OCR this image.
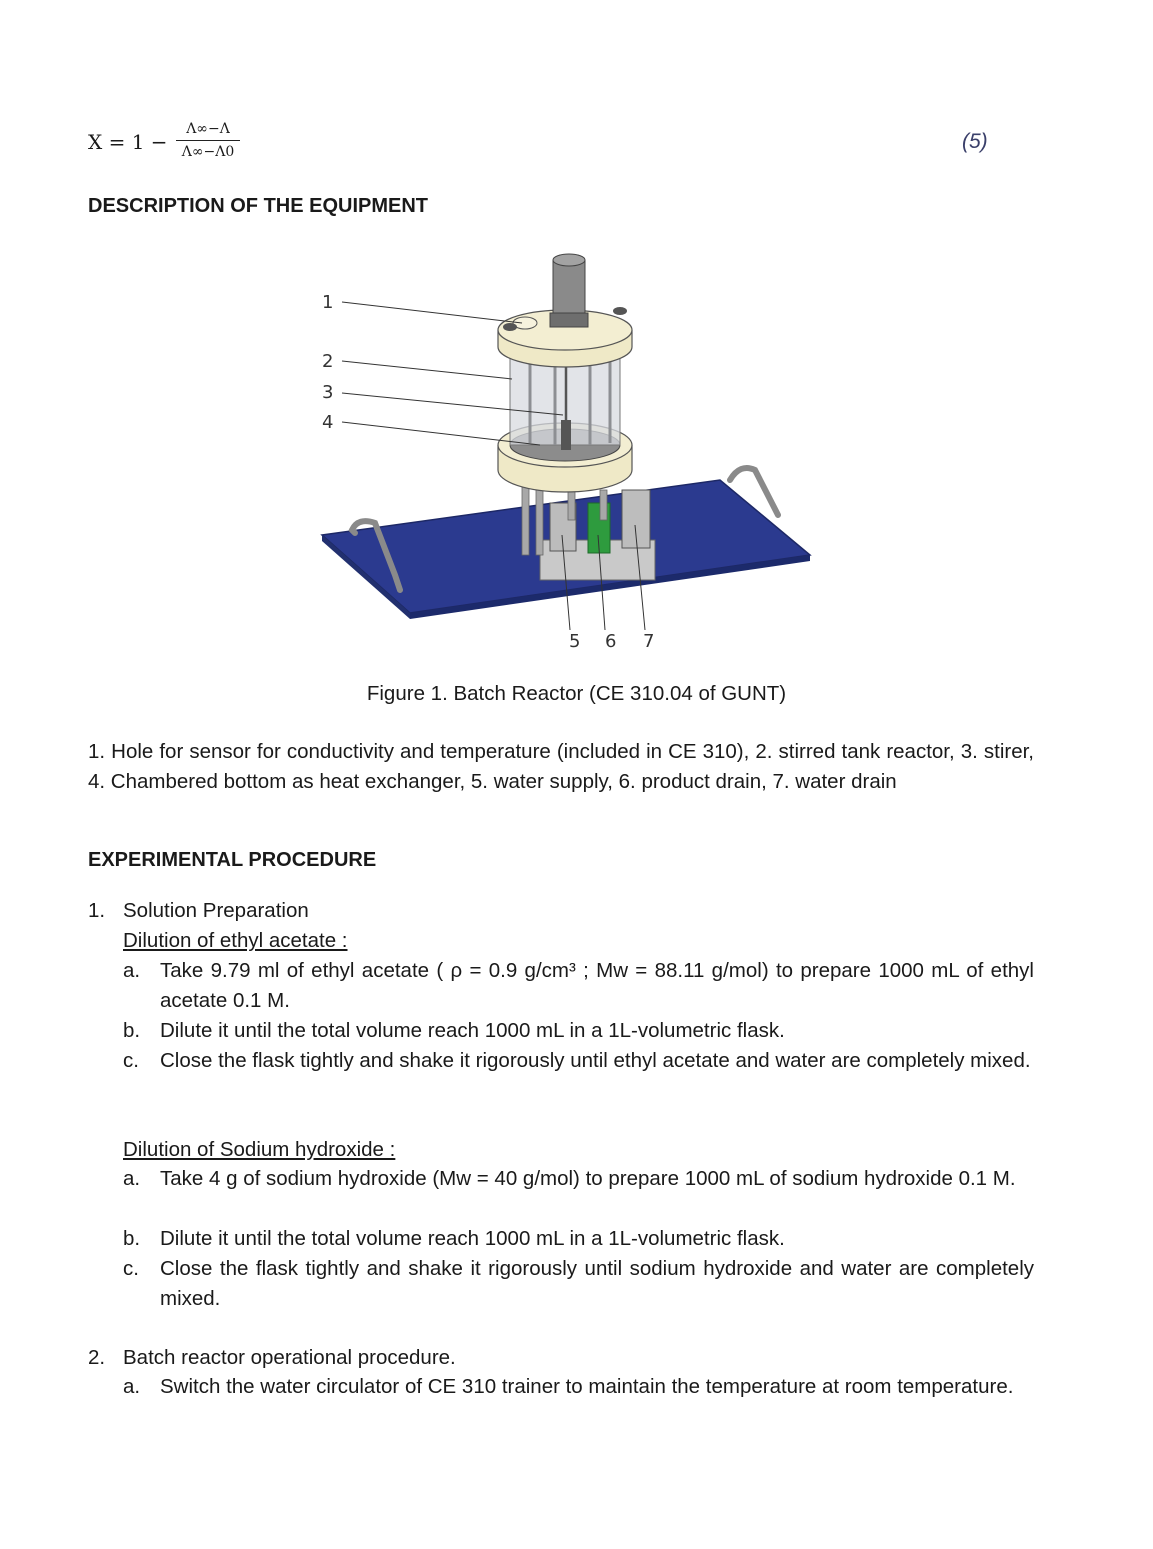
X = 1 −
Λ∞−Λ
Λ∞−Λ0	(5)
DESCRIPTION OF THE EQUIPMENT
1
2
3
4
5 6 7
Figure 1. Batch Reactor (CE 310.04 of GUNT)
1. Hole for sensor for conductivity and temperature (included in CE 310), 2. stirred tank reactor, 3. stirer, 4. Chambered bottom as heat exchanger, 5. water supply, 6. product drain, 7. water drain
EXPERIMENTAL PROCEDURE
1. Solution Preparation
Dilution of ethyl acetate :
a. Take 9.79 ml of ethyl acetate ( ρ = 0.9 g/cm³ ; Mw = 88.11 g/mol) to prepare 1000 mL of ethyl acetate 0.1 M.
b. Dilute it until the total volume reach 1000 mL in a 1L-volumetric flask.
c.	Close the flask tightly and shake it rigorously until ethyl acetate and water are completely mixed.
Dilution of Sodium hydroxide :
a. Take 4 g of sodium hydroxide (Mw = 40 g/mol) to prepare 1000 mL of sodium hydroxide 0.1 M.
b. Dilute it until the total volume reach 1000 mL in a 1L-volumetric flask.
c.	Close the flask tightly and shake it rigorously until sodium hydroxide and water are completely mixed.
2. Batch reactor operational procedure.
a. Switch the water circulator of CE 310 trainer to maintain the temperature at room temperature.
